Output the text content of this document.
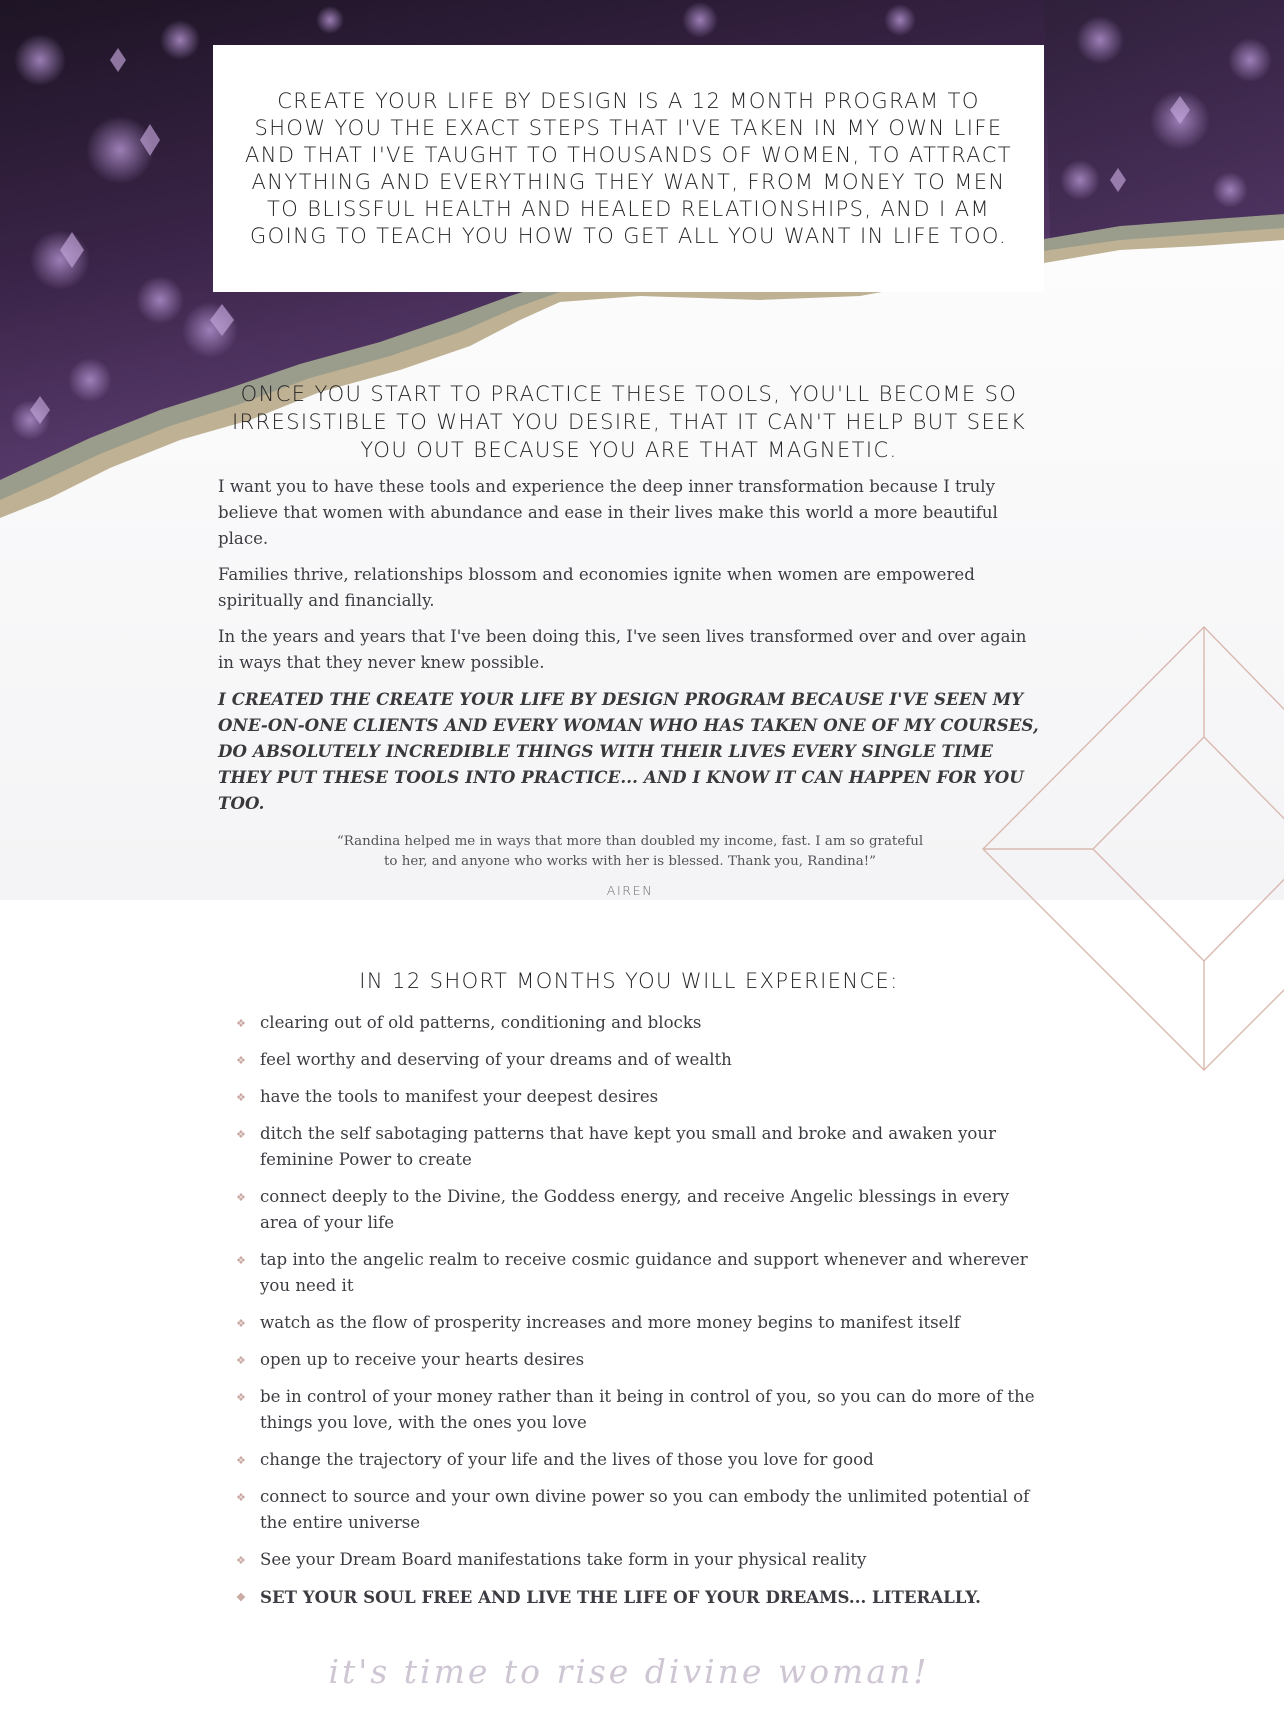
CREATE YOUR LIFE BY DESIGN IS A 12 MONTH PROGRAM TO SHOW YOU THE EXACT STEPS THAT I'VE TAKEN IN MY OWN LIFE AND THAT I'VE TAUGHT TO THOUSANDS OF WOMEN, TO ATTRACT ANYTHING AND EVERYTHING THEY WANT, FROM MONEY TO MEN TO BLISSFUL HEALTH AND HEALED RELATIONSHIPS, AND I AM GOING TO TEACH YOU HOW TO GET ALL YOU WANT IN LIFE TOO.

ONCE YOU START TO PRACTICE THESE TOOLS, YOU'LL BECOME SO IRRESISTIBLE TO WHAT YOU DESIRE, THAT IT CAN'T HELP BUT SEEK YOU OUT BECAUSE YOU ARE THAT MAGNETIC.

I want you to have these tools and experience the deep inner transformation because I truly believe that women with abundance and ease in their lives make this world a more beautiful place.

Families thrive, relationships blossom and economies ignite when women are empowered spiritually and financially.

In the years and years that I've been doing this, I've seen lives transformed over and over again in ways that they never knew possible.

I CREATED THE CREATE YOUR LIFE BY DESIGN PROGRAM BECAUSE I'VE SEEN MY ONE-ON-ONE CLIENTS AND EVERY WOMAN WHO HAS TAKEN ONE OF MY COURSES, DO ABSOLUTELY INCREDIBLE THINGS WITH THEIR LIVES EVERY SINGLE TIME THEY PUT THESE TOOLS INTO PRACTICE... AND I KNOW IT CAN HAPPEN FOR YOU TOO.

“Randina helped me in ways that more than doubled my income, fast. I am so grateful to her, and anyone who works with her is blessed. Thank you, Randina!”

AIREN
IN 12 SHORT MONTHS YOU WILL EXPERIENCE:
❖ clearing out of old patterns, conditioning and blocks
❖ feel worthy and deserving of your dreams and of wealth
❖ have the tools to manifest your deepest desires
❖ ditch the self sabotaging patterns that have kept you small and broke and awaken your feminine Power to create
❖ connect deeply to the Divine, the Goddess energy, and receive Angelic blessings in every area of your life
❖ tap into the angelic realm to receive cosmic guidance and support whenever and wherever you need it
❖ watch as the flow of prosperity increases and more money begins to manifest itself
❖ open up to receive your hearts desires
❖ be in control of your money rather than it being in control of you, so you can do more of the things you love, with the ones you love
❖ change the trajectory of your life and the lives of those you love for good
❖ connect to source and your own divine power so you can embody the unlimited potential of the entire universe
❖ See your Dream Board manifestations take form in your physical reality
❖ SET YOUR SOUL FREE AND LIVE THE LIFE OF YOUR DREAMS... LITERALLY.
it's time to rise divine woman!
